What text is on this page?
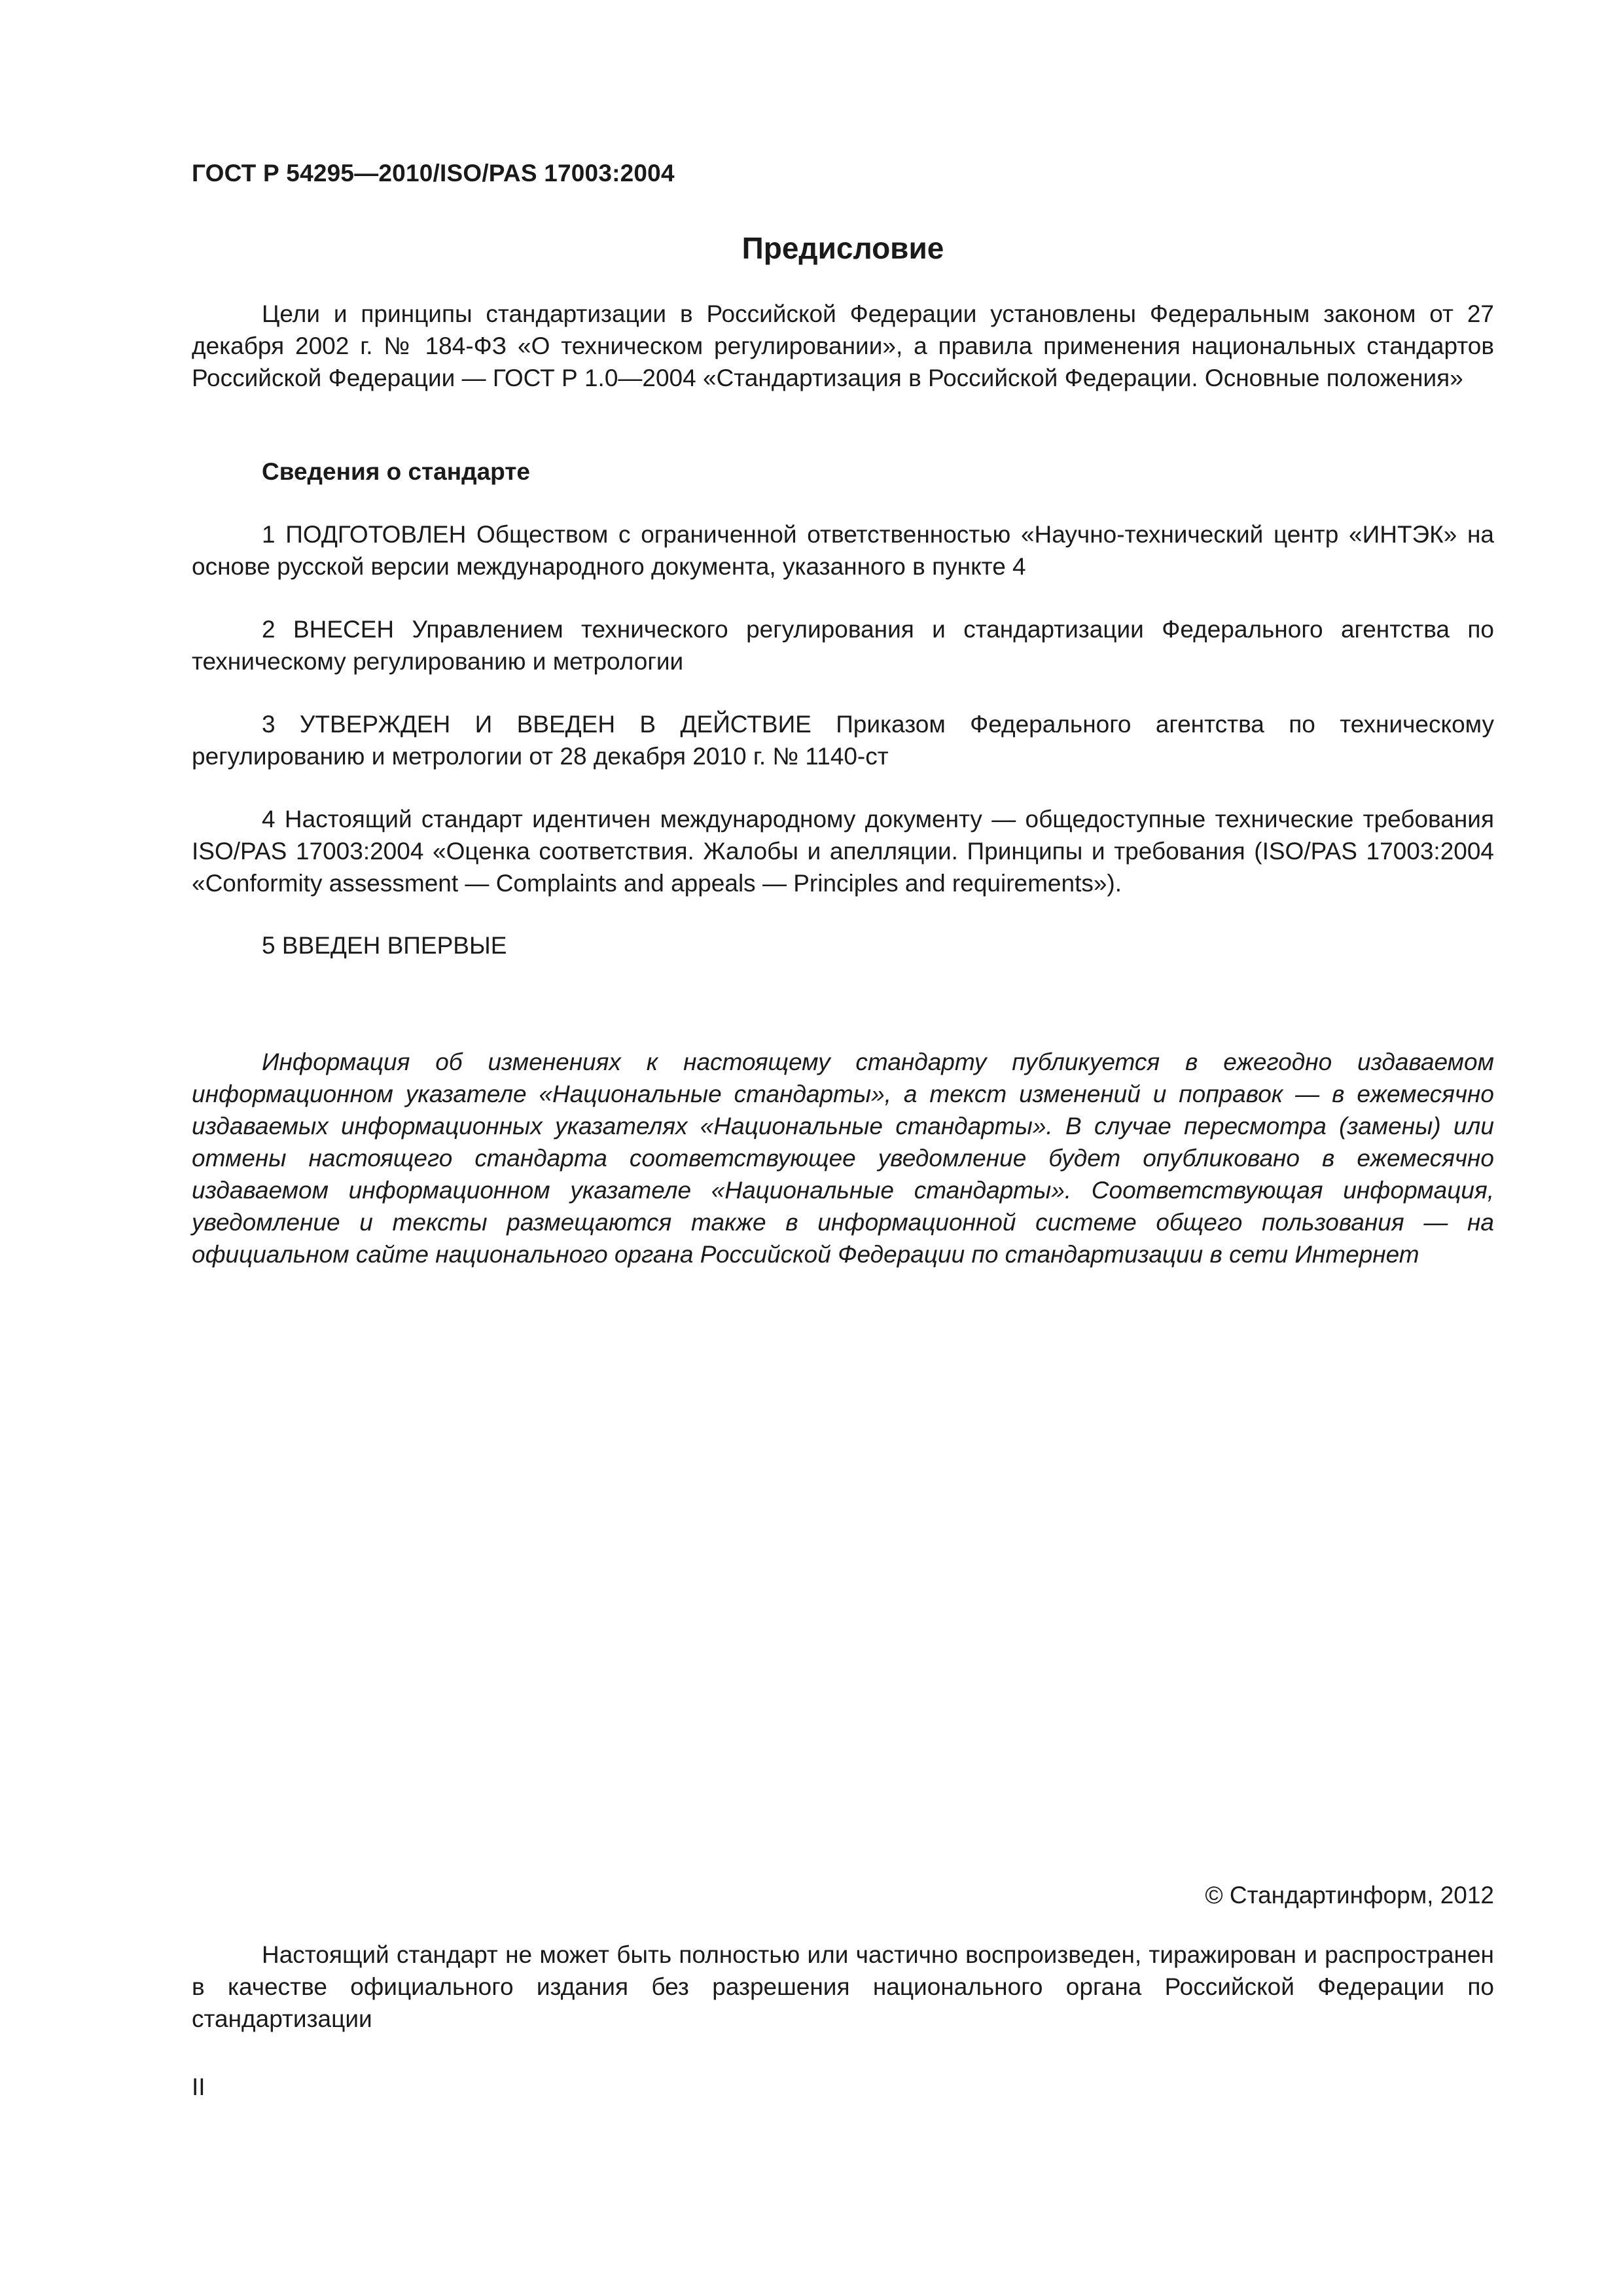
ГОСТ Р 54295—2010/ISO/PAS 17003:2004
Предисловие

Цели и принципы стандартизации в Российской Федерации установлены Федеральным законом от 27 декабря 2002 г. № 184-ФЗ «О техническом регулировании», а правила применения национальных стандартов Российской Федерации — ГОСТ Р 1.0—2004 «Стандартизация в Российской Федерации. Основные положения»

Сведения о стандарте

1 ПОДГОТОВЛЕН Обществом с ограниченной ответственностью «Научно-технический центр «ИНТЭК» на основе русской версии международного документа, указанного в пункте 4

2 ВНЕСЕН Управлением технического регулирования и стандартизации Федерального агентства по техническому регулированию и метрологии

3 УТВЕРЖДЕН И ВВЕДЕН В ДЕЙСТВИЕ Приказом Федерального агентства по техническому регулированию и метрологии от 28 декабря 2010 г. № 1140-ст

4 Настоящий стандарт идентичен международному документу — общедоступные технические требования ISO/PAS 17003:2004 «Оценка соответствия. Жалобы и апелляции. Принципы и требования (ISO/PAS 17003:2004 «Conformity assessment — Complaints and appeals — Principles and requirements»).

5 ВВЕДЕН ВПЕРВЫЕ

Информация об изменениях к настоящему стандарту публикуется в ежегодно издаваемом информационном указателе «Национальные стандарты», а текст изменений и поправок — в ежемесячно издаваемых информационных указателях «Национальные стандарты». В случае пересмотра (замены) или отмены настоящего стандарта соответствующее уведомление будет опубликовано в ежемесячно издаваемом информационном указателе «Национальные стандарты». Соответствующая информация, уведомление и тексты размещаются также в информационной системе общего пользования — на официальном сайте национального органа Российской Федерации по стандартизации в сети Интернет

© Стандартинформ, 2012

Настоящий стандарт не может быть полностью или частично воспроизведен, тиражирован и распространен в качестве официального издания без разрешения национального органа Российской Федерации по стандартизации

II
